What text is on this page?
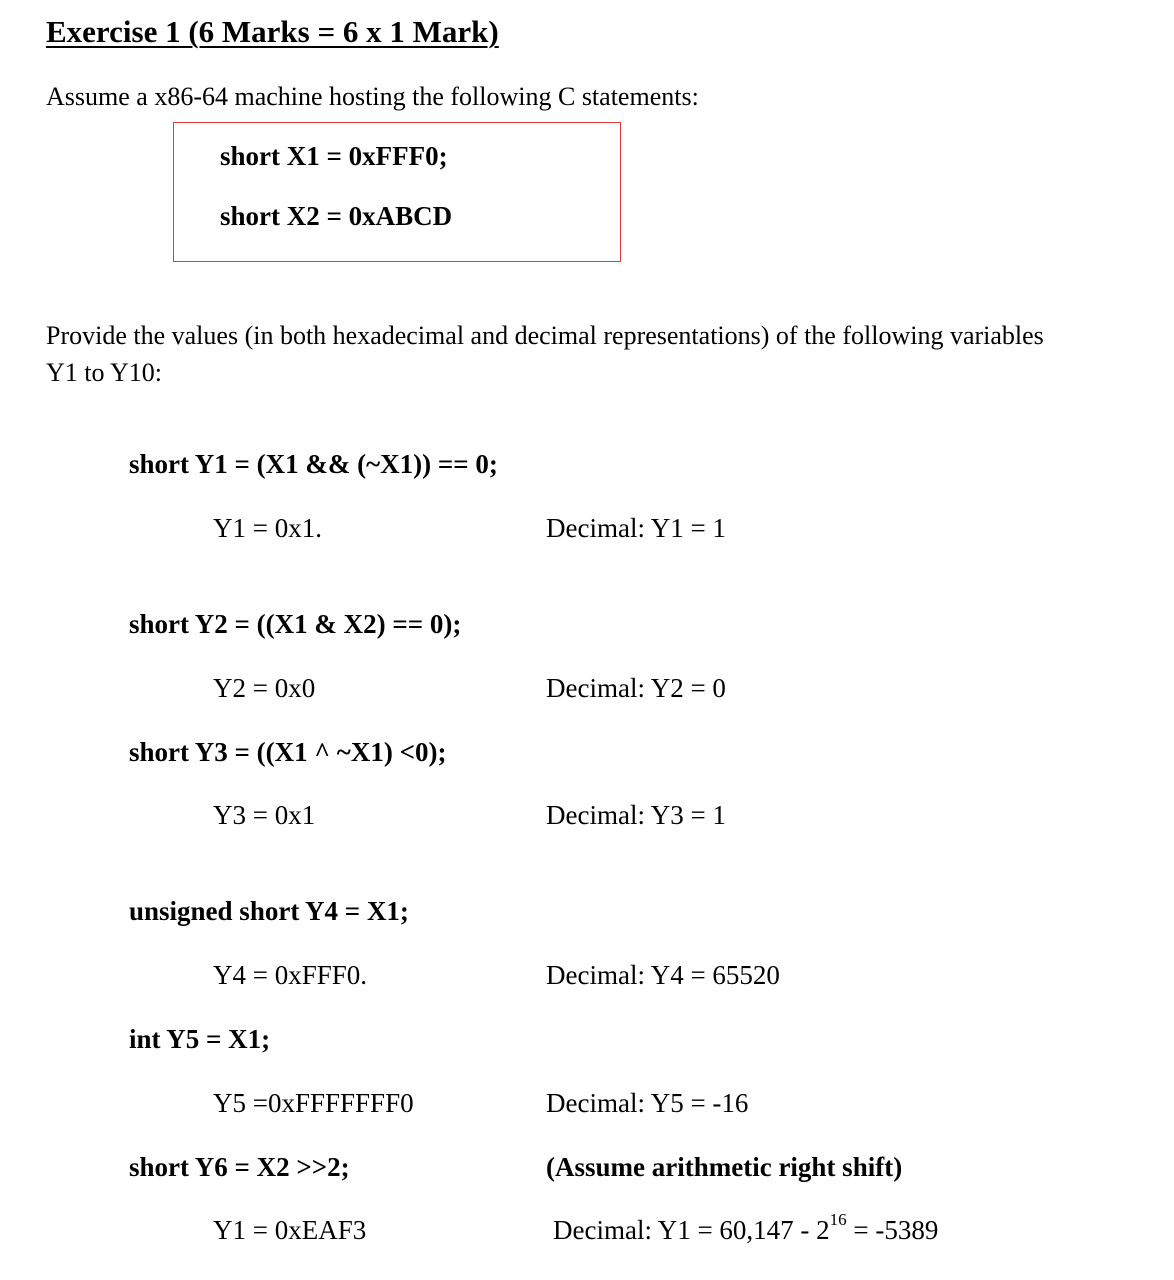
Exercise 1 (6 Marks = 6 x 1 Mark)
Assume a x86-64 machine hosting the following C statements:
short X1 = 0xFFF0;
short X2 = 0xABCD
Provide the values (in both hexadecimal and decimal representations) of the following variables
Y1 to Y10:
short Y1 = (X1 && (~X1)) == 0;
Y1 = 0x1.	Decimal: Y1 = 1
short Y2 = ((X1 & X2) == 0);
Y2 = 0x0	Decimal: Y2 = 0
short Y3 = ((X1 ^ ~X1) <0);
Y3 = 0x1	Decimal: Y3 = 1
unsigned short Y4 = X1;
Y4 = 0xFFF0.	Decimal: Y4 = 65520
int Y5 = X1;
Y5 =0xFFFFFFF0	Decimal: Y5 = -16
short Y6 = X2 >>2;	(Assume arithmetic right shift)
Y1 = 0xEAF3	Decimal: $Y1 = 60,147 - 2^{16} = -5389$
